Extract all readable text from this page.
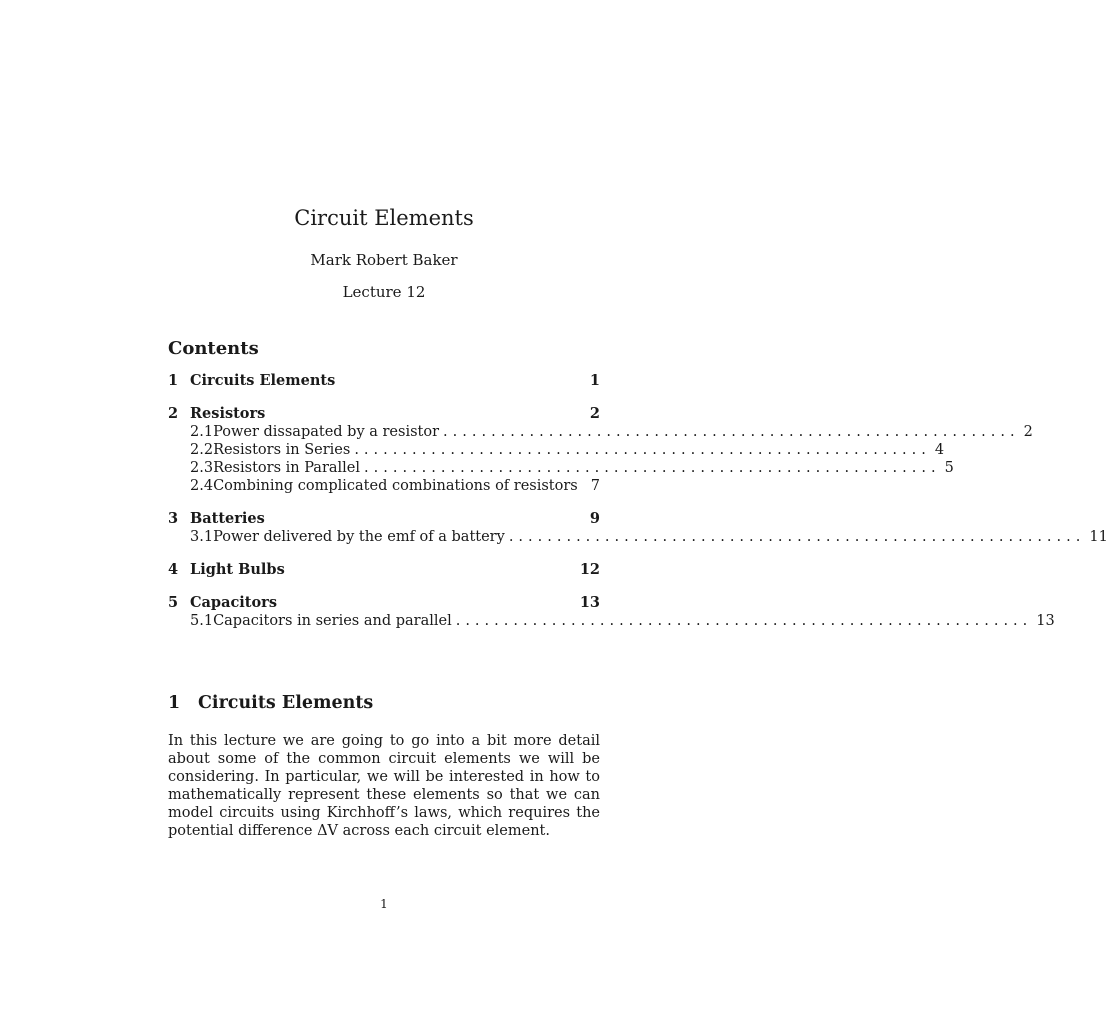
Circuit Elements
Mark Robert Baker
Lecture 12
Contents
1 Circuits Elements	1
2 Resistors	2
2.1 Power dissapated by a resistor ............................................................ 2
2.2 Resistors in Series ............................................................ 4
2.3 Resistors in Parallel ............................................................ 5
2.4 Combining complicated combinations of resistors 7
3 Batteries	9
3.1 Power delivered by the emf of a battery ............................................................ 11
4 Light Bulbs	12
5 Capacitors	13
5.1 Capacitors in series and parallel ............................................................ 13
1	Circuits Elements
In this lecture we are going to go into a bit more detail about some of the common circuit elements we will be considering. In particular, we will be interested in how to mathematically represent these elements so that we can model circuits using Kirchhoff’s laws, which requires the potential difference ΔV across each circuit element.
1
